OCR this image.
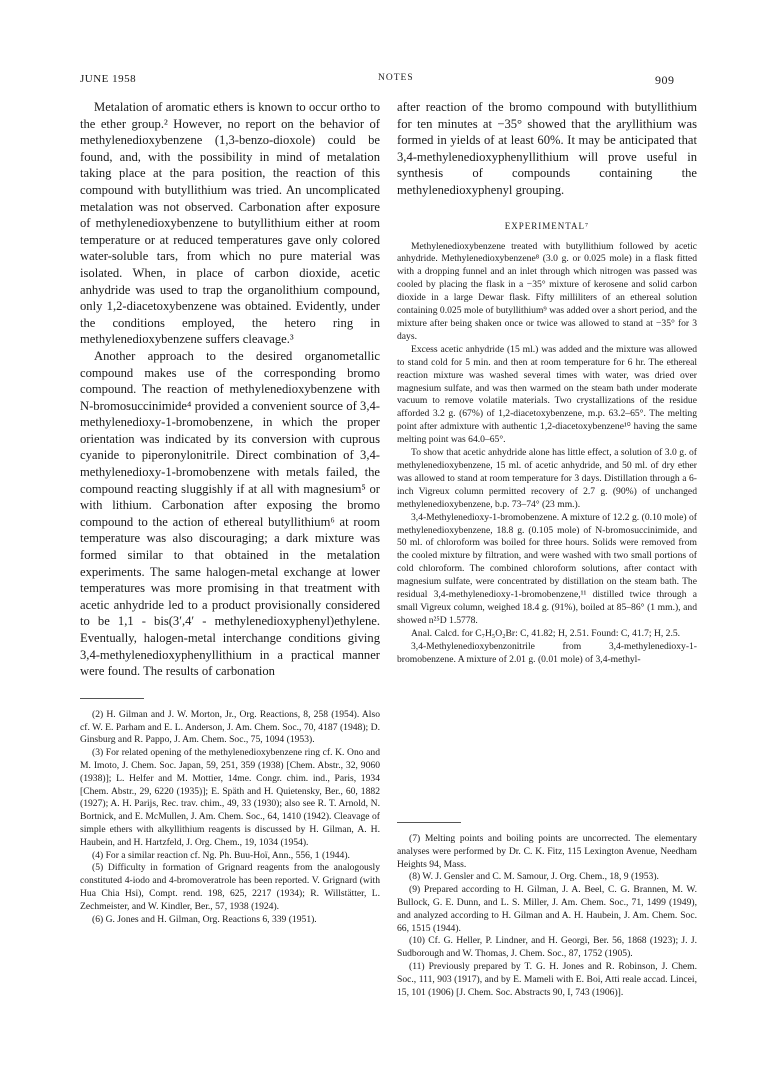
JUNE 1958	NOTES	909

Metalation of aromatic ethers is known to occur ortho to the ether group.² However, no report on the behavior of methylenedioxybenzene (1,3-benzo-dioxole) could be found, and, with the possibility in mind of metalation taking place at the para position, the reaction of this compound with butyllithium was tried. An uncomplicated metalation was not observed. Carbonation after exposure of methylenedioxybenzene to butyllithium either at room temperature or at reduced temperatures gave only colored water-soluble tars, from which no pure material was isolated. When, in place of carbon dioxide, acetic anhydride was used to trap the organolithium compound, only 1,2-diacetoxybenzene was obtained. Evidently, under the conditions employed, the hetero ring in methylenedioxybenzene suffers cleavage.³

Another approach to the desired organometallic compound makes use of the corresponding bromo compound. The reaction of methylenedioxybenzene with N-bromosuccinimide⁴ provided a convenient source of 3,4-methylenedioxy-1-bromobenzene, in which the proper orientation was indicated by its conversion with cuprous cyanide to piperonylonitrile. Direct combination of 3,4-methylenedioxy-1-bromobenzene with metals failed, the compound reacting sluggishly if at all with magnesium⁵ or with lithium. Carbonation after exposing the bromo compound to the action of ethereal butyllithium⁶ at room temperature was also discouraging; a dark mixture was formed similar to that obtained in the metalation experiments. The same halogen-metal exchange at lower temperatures was more promising in that treatment with acetic anhydride led to a product provisionally considered to be 1,1 - bis(3′,4′ - methylenedioxyphenyl)ethylene. Eventually, halogen-metal interchange conditions giving 3,4-methylenedioxyphenyllithium in a practical manner were found. The results of carbonation

(2) H. Gilman and J. W. Morton, Jr., Org. Reactions, 8, 258 (1954). Also cf. W. E. Parham and E. L. Anderson, J. Am. Chem. Soc., 70, 4187 (1948); D. Ginsburg and R. Pappo, J. Am. Chem. Soc., 75, 1094 (1953).

(3) For related opening of the methylenedioxybenzene ring cf. K. Ono and M. Imoto, J. Chem. Soc. Japan, 59, 251, 359 (1938) [Chem. Abstr., 32, 9060 (1938)]; L. Helfer and M. Mottier, 14me. Congr. chim. ind., Paris, 1934 [Chem. Abstr., 29, 6220 (1935)]; E. Späth and H. Quietensky, Ber., 60, 1882 (1927); A. H. Parijs, Rec. trav. chim., 49, 33 (1930); also see R. T. Arnold, N. Bortnick, and E. McMullen, J. Am. Chem. Soc., 64, 1410 (1942). Cleavage of simple ethers with alkyllithium reagents is discussed by H. Gilman, A. H. Haubein, and H. Hartzfeld, J. Org. Chem., 19, 1034 (1954).

(4) For a similar reaction cf. Ng. Ph. Buu-Hoï, Ann., 556, 1 (1944).

(5) Difficulty in formation of Grignard reagents from the analogously constituted 4-iodo and 4-bromoveratrole has been reported. V. Grignard (with Hua Chia Hsi), Compt. rend. 198, 625, 2217 (1934); R. Willstätter, L. Zechmeister, and W. Kindler, Ber., 57, 1938 (1924).

(6) G. Jones and H. Gilman, Org. Reactions 6, 339 (1951).

after reaction of the bromo compound with butyllithium for ten minutes at −35° showed that the aryllithium was formed in yields of at least 60%. It may be anticipated that 3,4-methylenedioxyphenyllithium will prove useful in synthesis of compounds containing the methylenedioxyphenyl grouping.

EXPERIMENTAL⁷

Methylenedioxybenzene treated with butyllithium followed by acetic anhydride. Methylenedioxybenzene⁸ (3.0 g. or 0.025 mole) in a flask fitted with a dropping funnel and an inlet through which nitrogen was passed was cooled by placing the flask in a −35° mixture of kerosene and solid carbon dioxide in a large Dewar flask. Fifty milliliters of an ethereal solution containing 0.025 mole of butyllithium⁹ was added over a short period, and the mixture after being shaken once or twice was allowed to stand at −35° for 3 days.

Excess acetic anhydride (15 ml.) was added and the mixture was allowed to stand cold for 5 min. and then at room temperature for 6 hr. The ethereal reaction mixture was washed several times with water, was dried over magnesium sulfate, and was then warmed on the steam bath under moderate vacuum to remove volatile materials. Two crystallizations of the residue afforded 3.2 g. (67%) of 1,2-diacetoxybenzene, m.p. 63.2–65°. The melting point after admixture with authentic 1,2-diacetoxybenzene¹⁰ having the same melting point was 64.0–65°.

To show that acetic anhydride alone has little effect, a solution of 3.0 g. of methylenedioxybenzene, 15 ml. of acetic anhydride, and 50 ml. of dry ether was allowed to stand at room temperature for 3 days. Distillation through a 6-inch Vigreux column permitted recovery of 2.7 g. (90%) of unchanged methylenedioxybenzene, b.p. 73–74° (23 mm.).

3,4-Methylenedioxy-1-bromobenzene. A mixture of 12.2 g. (0.10 mole) of methylenedioxybenzene, 18.8 g. (0.105 mole) of N-bromosuccinimide, and 50 ml. of chloroform was boiled for three hours. Solids were removed from the cooled mixture by filtration, and were washed with two small portions of cold chloroform. The combined chloroform solutions, after contact with magnesium sulfate, were concentrated by distillation on the steam bath. The residual 3,4-methylenedioxy-1-bromobenzene,¹¹ distilled twice through a small Vigreux column, weighed 18.4 g. (91%), boiled at 85–86° (1 mm.), and showed n²⁵D 1.5778.

Anal. Calcd. for C₇H₅O₂Br: C, 41.82; H, 2.51. Found: C, 41.7; H, 2.5.

3,4-Methylenedioxybenzonitrile from 3,4-methylenedioxy-1-bromobenzene. A mixture of 2.01 g. (0.01 mole) of 3,4-methyl-

(7) Melting points and boiling points are uncorrected. The elementary analyses were performed by Dr. C. K. Fitz, 115 Lexington Avenue, Needham Heights 94, Mass.

(8) W. J. Gensler and C. M. Samour, J. Org. Chem., 18, 9 (1953).

(9) Prepared according to H. Gilman, J. A. Beel, C. G. Brannen, M. W. Bullock, G. E. Dunn, and L. S. Miller, J. Am. Chem. Soc., 71, 1499 (1949), and analyzed according to H. Gilman and A. H. Haubein, J. Am. Chem. Soc. 66, 1515 (1944).

(10) Cf. G. Heller, P. Lindner, and H. Georgi, Ber. 56, 1868 (1923); J. J. Sudborough and W. Thomas, J. Chem. Soc., 87, 1752 (1905).

(11) Previously prepared by T. G. H. Jones and R. Robinson, J. Chem. Soc., 111, 903 (1917), and by E. Mameli with E. Boi, Atti reale accad. Lincei, 15, 101 (1906) [J. Chem. Soc. Abstracts 90, I, 743 (1906)].
